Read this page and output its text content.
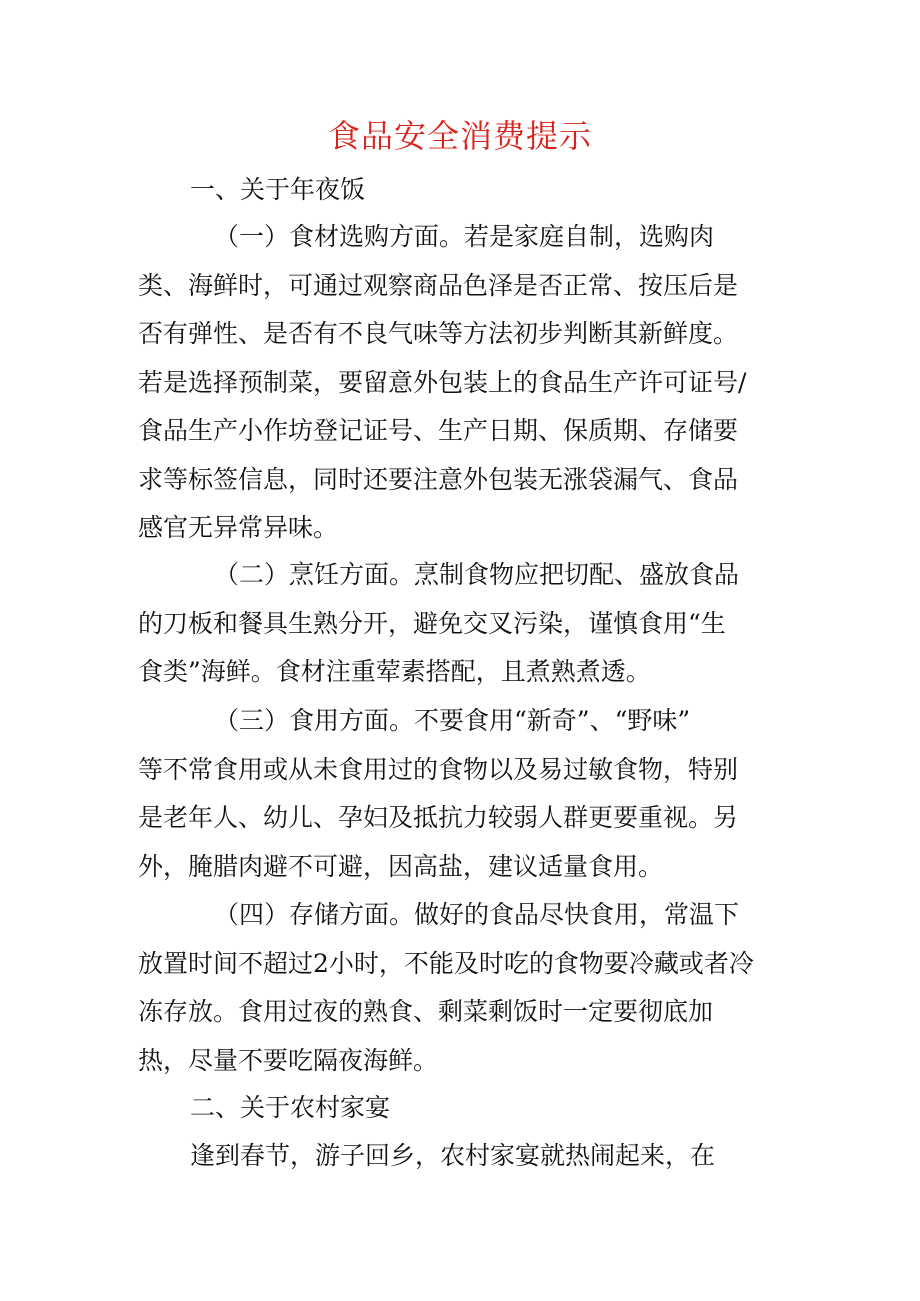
食品安全消费提示
一、关于年夜饭
（一）食材选购方面。若是家庭自制，选购肉
类、海鲜时，可通过观察商品色泽是否正常、按压后是
否有弹性、是否有不良气味等方法初步判断其新鲜度。
若是选择预制菜，要留意外包装上的食品生产许可证号/
食品生产小作坊登记证号、生产日期、保质期、存储要
求等标签信息，同时还要注意外包装无涨袋漏气、食品
感官无异常异味。
（二）烹饪方面。烹制食物应把切配、盛放食品
的刀板和餐具生熟分开，避免交叉污染，谨慎食用“生
食类”海鲜。食材注重荤素搭配，且煮熟煮透。
（三）食用方面。不要食用“新奇”、“野味”
等不常食用或从未食用过的食物以及易过敏食物，特别
是老年人、幼儿、孕妇及抵抗力较弱人群更要重视。另
外，腌腊肉避不可避，因高盐，建议适量食用。
（四）存储方面。做好的食品尽快食用，常温下
放置时间不超过2小时，不能及时吃的食物要冷藏或者冷
冻存放。食用过夜的熟食、剩菜剩饭时一定要彻底加
热，尽量不要吃隔夜海鲜。
二、关于农村家宴
逢到春节，游子回乡，农村家宴就热闹起来，在
